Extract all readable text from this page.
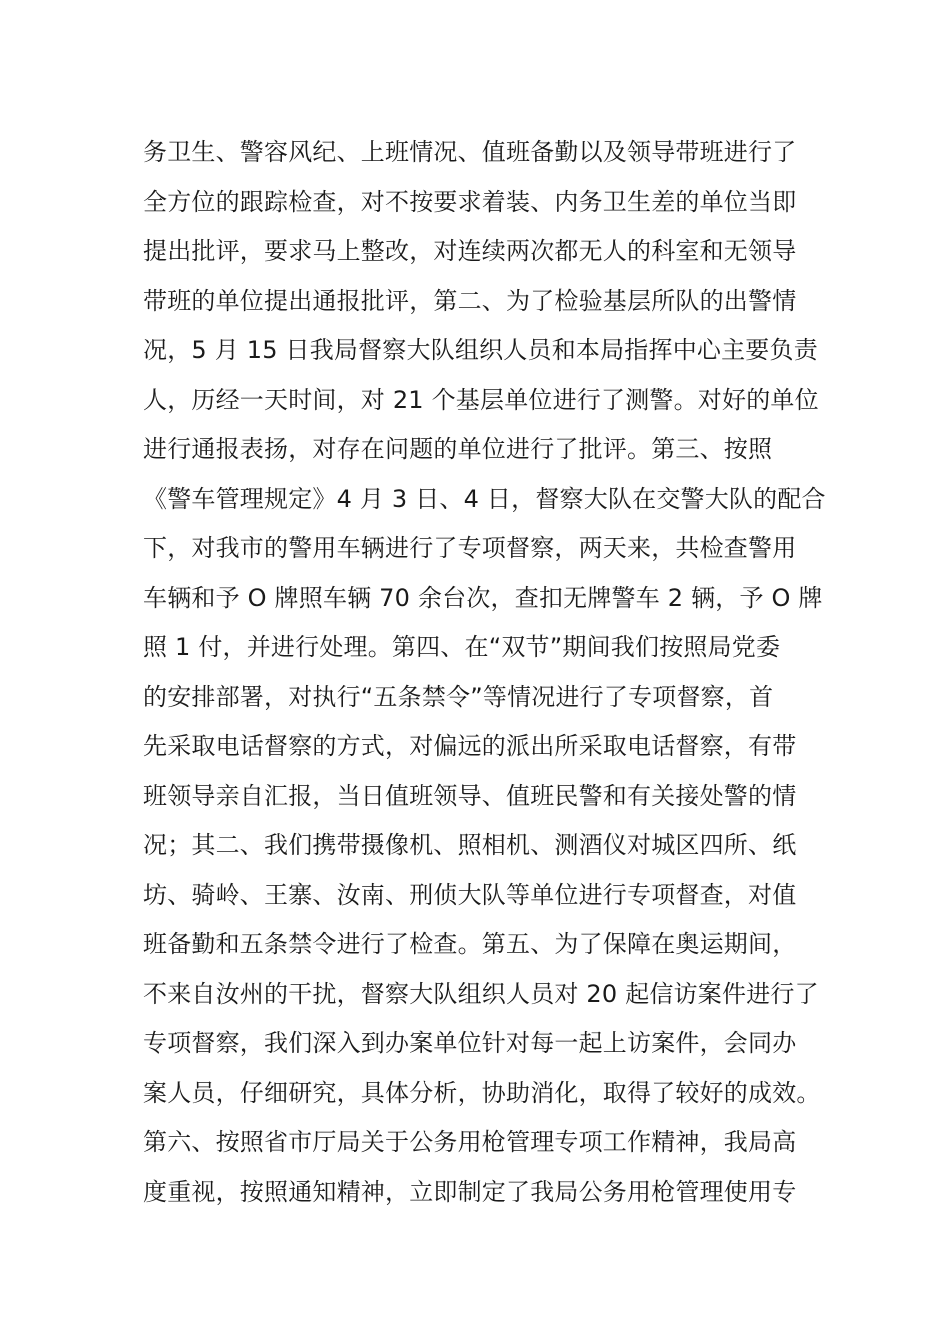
务卫生、警容风纪、上班情况、值班备勤以及领导带班进行了
全方位的跟踪检查，对不按要求着装、内务卫生差的单位当即
提出批评，要求马上整改，对连续两次都无人的科室和无领导
带班的单位提出通报批评，第二、为了检验基层所队的出警情
况，5 月 15 日我局督察大队组织人员和本局指挥中心主要负责
人，历经一天时间，对 21 个基层单位进行了测警。对好的单位
进行通报表扬，对存在问题的单位进行了批评。第三、按照
《警车管理规定》4 月 3 日、4 日，督察大队在交警大队的配合
下，对我市的警用车辆进行了专项督察，两天来，共检查警用
车辆和予 O 牌照车辆 70 余台次，查扣无牌警车 2 辆，予 O 牌
照 1 付，并进行处理。第四、在“双节”期间我们按照局党委
的安排部署，对执行“五条禁令”等情况进行了专项督察，首
先采取电话督察的方式，对偏远的派出所采取电话督察，有带
班领导亲自汇报，当日值班领导、值班民警和有关接处警的情
况；其二、我们携带摄像机、照相机、测酒仪对城区四所、纸
坊、骑岭、王寨、汝南、刑侦大队等单位进行专项督查，对值
班备勤和五条禁令进行了检查。第五、为了保障在奥运期间，
不来自汝州的干扰，督察大队组织人员对 20 起信访案件进行了
专项督察，我们深入到办案单位针对每一起上访案件，会同办
案人员，仔细研究，具体分析，协助消化，取得了较好的成效。
第六、按照省市厅局关于公务用枪管理专项工作精神，我局高
度重视，按照通知精神，立即制定了我局公务用枪管理使用专
